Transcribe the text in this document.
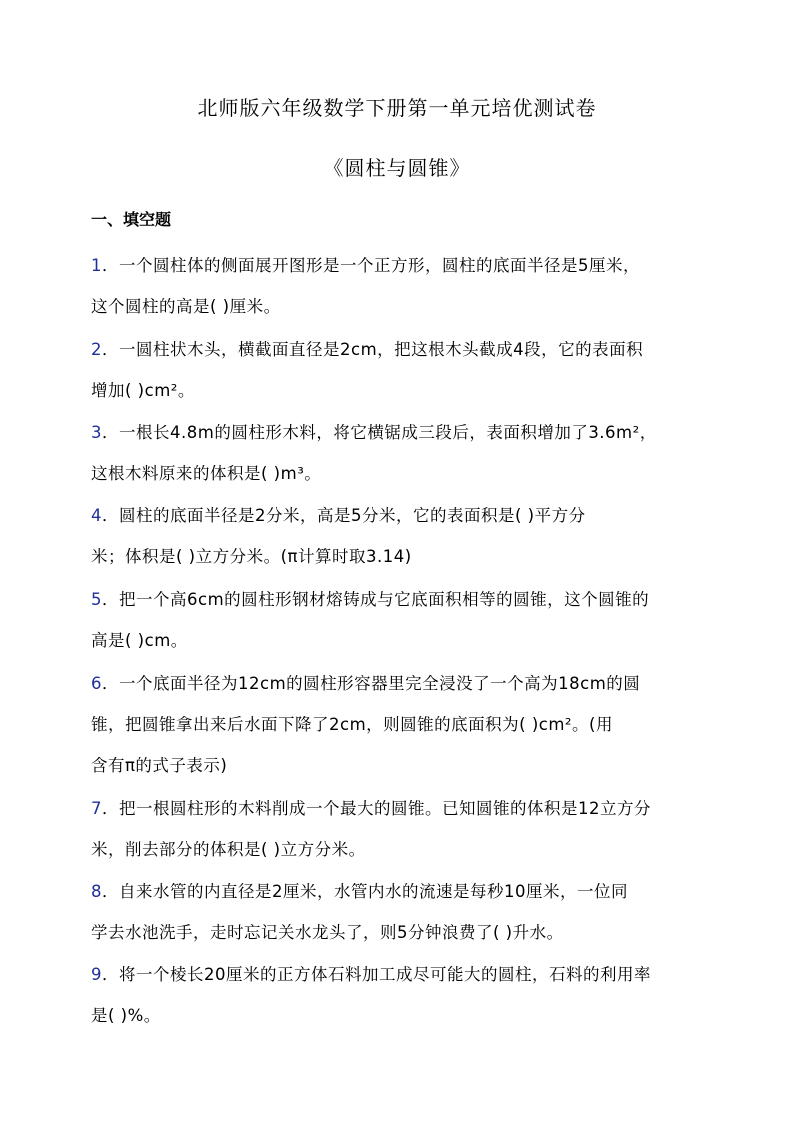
北师版六年级数学下册第一单元培优测试卷
《圆柱与圆锥》
一、填空题
1．一个圆柱体的侧面展开图形是一个正方形，圆柱的底面半径是5厘米，
这个圆柱的高是( )厘米。
2．一圆柱状木头，横截面直径是2cm，把这根木头截成4段，它的表面积
增加( )cm²。
3．一根长4.8m的圆柱形木料，将它横锯成三段后，表面积增加了3.6m²，
这根木料原来的体积是( )m³。
4．圆柱的底面半径是2分米，高是5分米，它的表面积是( )平方分
米；体积是( )立方分米。(π计算时取3.14)
5．把一个高6cm的圆柱形钢材熔铸成与它底面积相等的圆锥，这个圆锥的
高是( )cm。
6．一个底面半径为12cm的圆柱形容器里完全浸没了一个高为18cm的圆
锥，把圆锥拿出来后水面下降了2cm，则圆锥的底面积为( )cm²。(用
含有π的式子表示)
7．把一根圆柱形的木料削成一个最大的圆锥。已知圆锥的体积是12立方分
米，削去部分的体积是( )立方分米。
8．自来水管的内直径是2厘米，水管内水的流速是每秒10厘米，一位同
学去水池洗手，走时忘记关水龙头了，则5分钟浪费了( )升水。
9．将一个棱长20厘米的正方体石料加工成尽可能大的圆柱，石料的利用率
是( )%。
